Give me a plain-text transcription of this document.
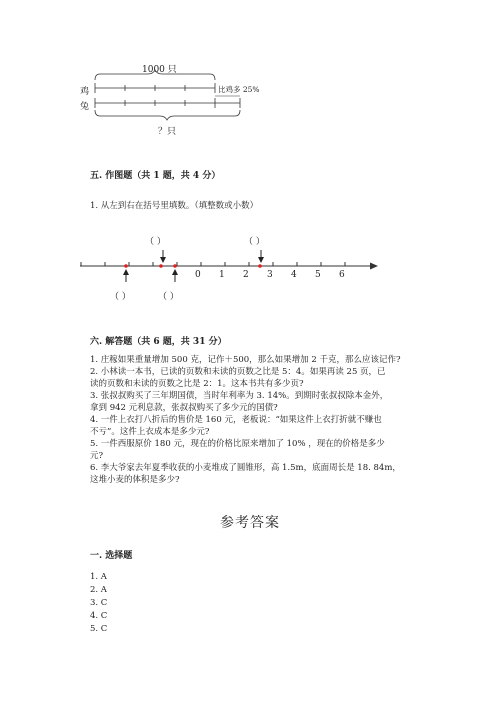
1000 只
鸡
兔
比鸡多 25%
？只
五. 作图题（共 1 题，共 4 分）
1. 从左到右在括号里填数。（填整数或小数）
0 1 2 3 4 5 6
（ ）	（ ）
（ ）	（ ）
六. 解答题（共 6 题，共 31 分）
1. 庄稼如果重量增加 500 克，记作＋500，那么如果增加 2 千克，那么应该记作?
2. 小林读一本书，已读的页数和未读的页数之比是 5：4。如果再读 25 页，已
读的页数和未读的页数之比是 2：1。这本书共有多少页?
3. 张叔叔购买了三年期国债，当时年利率为 3. 14%。到期时张叔叔除本金外，
拿到 942 元利息款，张叔叔购买了多少元的国债?
4. 一件上衣打八折后的售价是 160 元，老板说：“如果这件上衣打折就不赚也
不亏”。这件上衣成本是多少元?
5. 一件西服原价 180 元，现在的价格比原来增加了 10% ，现在的价格是多少
元?
6. 李大爷家去年夏季收获的小麦堆成了圆锥形，高 1.5m，底面周长是 18. 84m，
这堆小麦的体积是多少?
参考答案
一. 选择题
1. A
2. A
3. C
4. C
5. C
